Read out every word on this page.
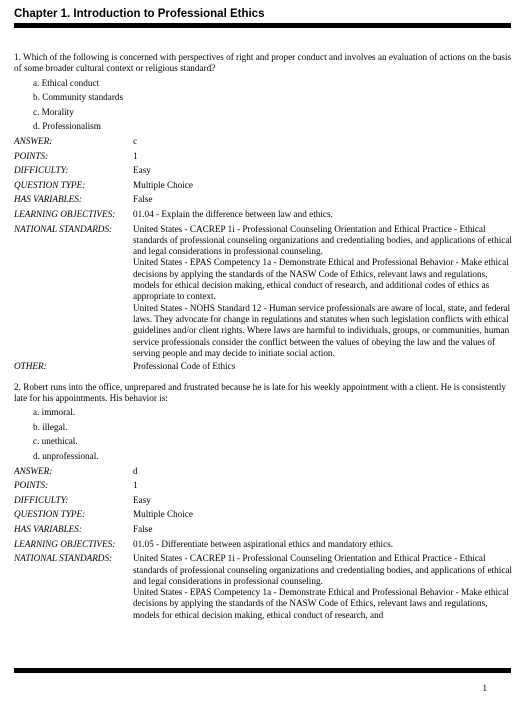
Chapter 1. Introduction to Professional Ethics

1. Which of the following is concerned with perspectives of right and proper conduct and involves an evaluation of actions on the basis of some broader cultural context or religious standard?

a. Ethical conduct
b. Community standards
c. Morality
d. Professionalism
ANSWER:	c
POINTS:	1
DIFFICULTY:	Easy
QUESTION TYPE:	Multiple Choice
HAS VARIABLES:	False
LEARNING OBJECTIVES:	01.04 - Explain the difference between law and ethics.
NATIONAL STANDARDS:	United States - CACREP 1i - Professional Counseling Orientation and Ethical Practice - Ethical standards of professional counseling organizations and credentialing bodies, and applications of ethical and legal considerations in professional counseling.

United States - EPAS Competency 1a - Demonstrate Ethical and Professional Behavior - Make ethical decisions by applying the standards of the NASW Code of Ethics, relevant laws and regulations, models for ethical decision making, ethical conduct of research, and additional codes of ethics as appropriate to context.

United States - NOHS Standard 12 - Human service professionals are aware of local, state, and federal laws. They advocate for change in regulations and statutes when such legislation conflicts with ethical guidelines and/or client rights. Where laws are harmful to individuals, groups, or communities, human service professionals consider the conflict between the values of obeying the law and the values of serving people and may decide to initiate social action.

OTHER:	Professional Code of Ethics

2. Robert runs into the office, unprepared and frustrated because he is late for his weekly appointment with a client. He is consistently late for his appointments. His behavior is:

a. immoral.
b. illegal.
c. unethical.
d. unprofessional.
ANSWER:	d
POINTS:	1
DIFFICULTY:	Easy
QUESTION TYPE:	Multiple Choice
HAS VARIABLES:	False
LEARNING OBJECTIVES:	01.05 - Differentiate between aspirational ethics and mandatory ethics.
NATIONAL STANDARDS:	United States - CACREP 1i - Professional Counseling Orientation and Ethical Practice - Ethical standards of professional counseling organizations and credentialing bodies, and applications of ethical and legal considerations in professional counseling.

United States - EPAS Competency 1a - Demonstrate Ethical and Professional Behavior - Make ethical decisions by applying the standards of the NASW Code of Ethics, relevant laws and regulations, models for ethical decision making, ethical conduct of research, and

1
